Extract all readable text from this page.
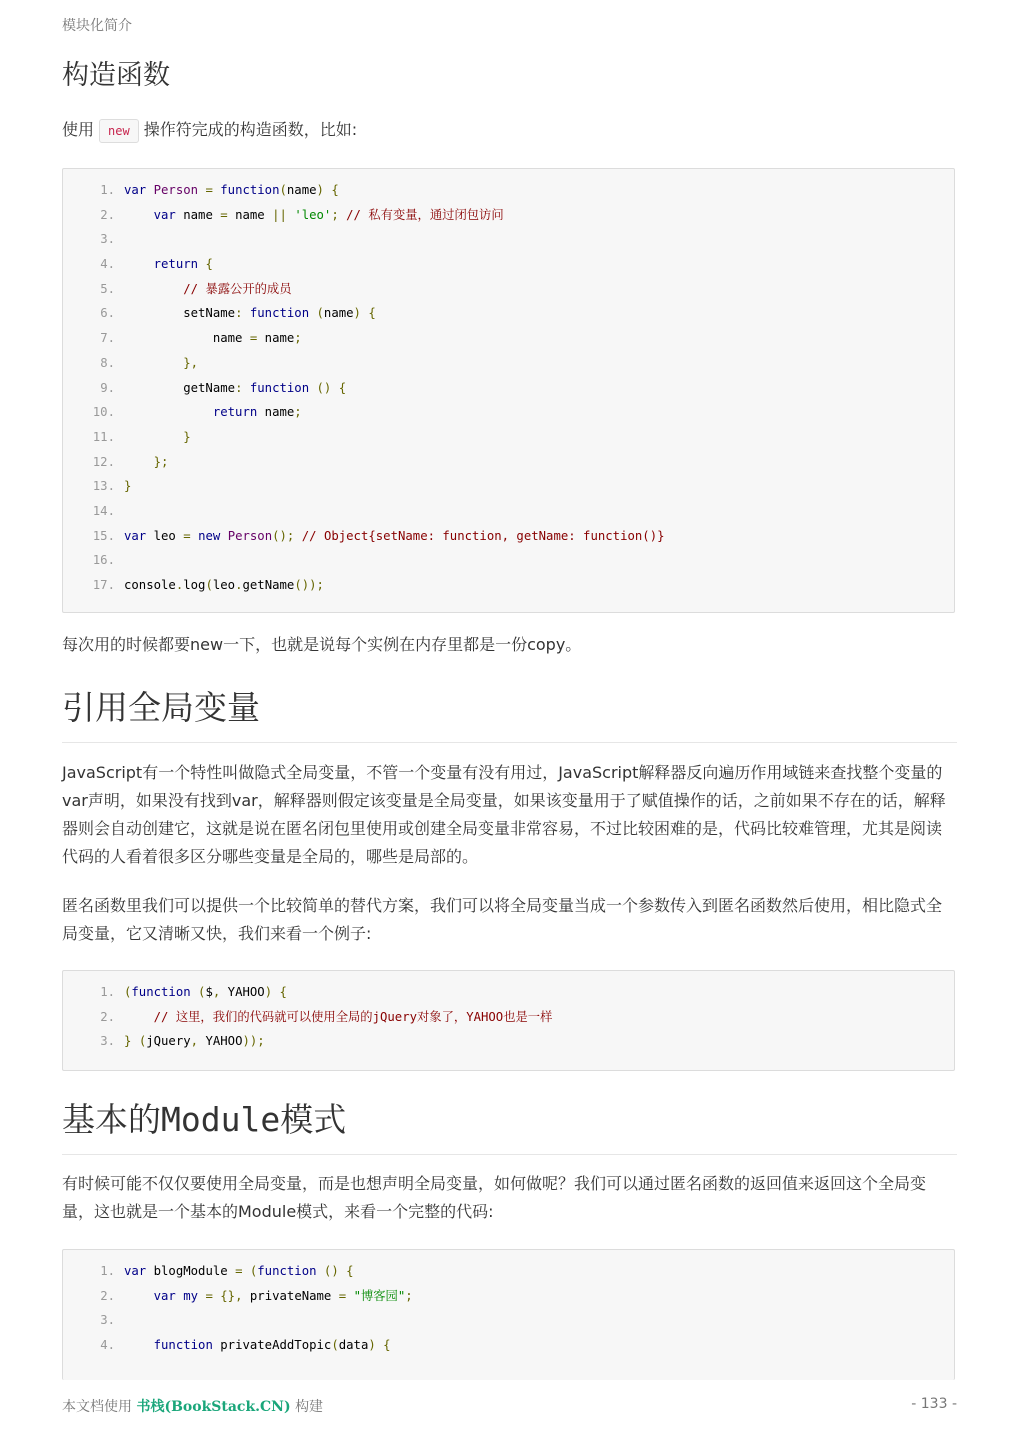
模块化简介
构造函数

使用 new 操作符完成的构造函数，比如:

1. var Person = function(name) {
2.	var name = name || 'leo'; // 私有变量，通过闭包访问
3.
4.	return {
5.	// 暴露公开的成员
6. setName: function (name) {
7. name = name;
8.	},
9. getName: function () {
10.	return name;
11.	}
12.	};
13. }
14.
15. var leo = new Person(); // Object{setName: function, getName: function()}
16.
17. console.log(leo.getName());

每次用的时候都要new一下，也就是说每个实例在内存里都是一份copy。

引用全局变量

JavaScript有一个特性叫做隐式全局变量，不管一个变量有没有用过，JavaScript解释器反向遍历作用域链来查找整个变量的var声明，如果没有找到var，解释器则假定该变量是全局变量，如果该变量用于了赋值操作的话，之前如果不存在的话，解释器则会自动创建它，这就是说在匿名闭包里使用或创建全局变量非常容易，不过比较困难的是，代码比较难管理，尤其是阅读代码的人看着很多区分哪些变量是全局的，哪些是局部的。

匿名函数里我们可以提供一个比较简单的替代方案，我们可以将全局变量当成一个参数传入到匿名函数然后使用，相比隐式全局变量，它又清晰又快，我们来看一个例子:

1. (function ($, YAHOO) {
2.	// 这里，我们的代码就可以使用全局的jQuery对象了，YAHOO也是一样
3. } (jQuery, YAHOO));
基本的Module模式

有时候可能不仅仅要使用全局变量，而是也想声明全局变量，如何做呢？我们可以通过匿名函数的返回值来返回这个全局变量，这也就是一个基本的Module模式，来看一个完整的代码:

1. var blogModule = (function () {
2.	var my = {}, privateName = "博客园";
3.
4.	function privateAddTopic(data) {
本文档使用 书栈(BookStack.CN) 构建	- 133 -
